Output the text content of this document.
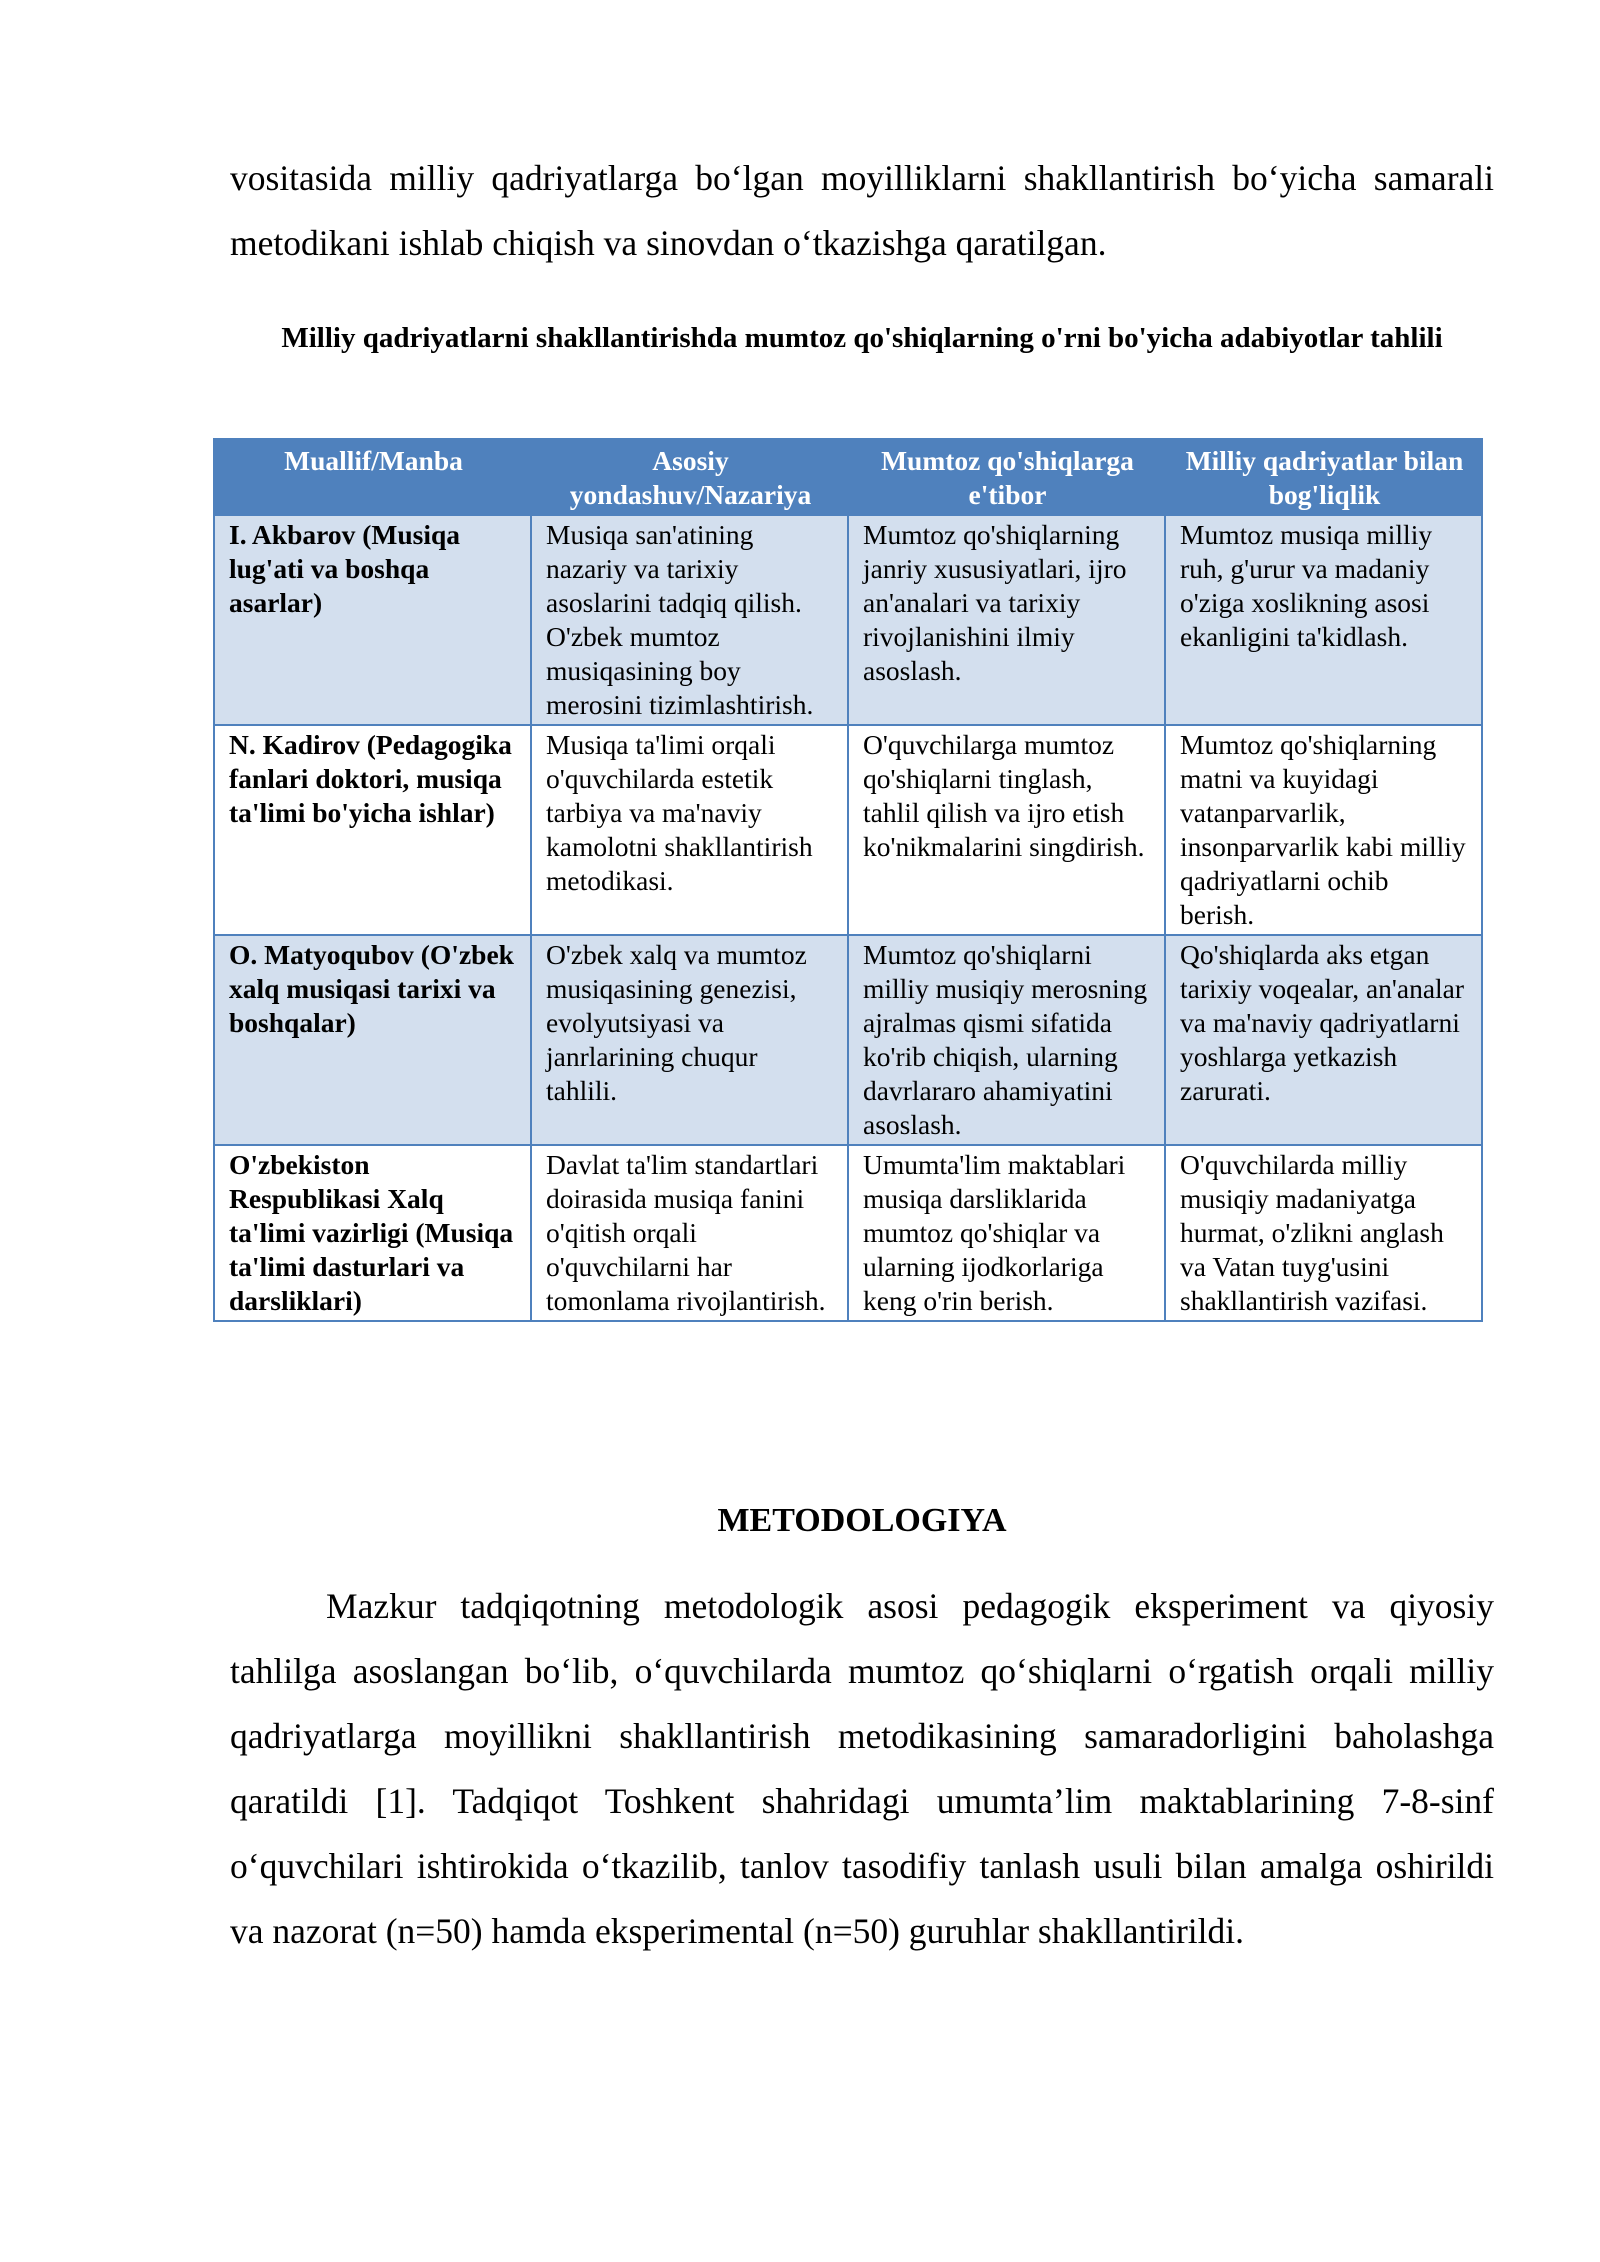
vositasida milliy qadriyatlarga bo‘lgan moyilliklarni shakllantirish bo‘yicha samarali metodikani ishlab chiqish va sinovdan o‘tkazishga qaratilgan.

Milliy qadriyatlarni shakllantirishda mumtoz qo'shiqlarning o'rni bo'yicha adabiyotlar tahlili

Muallif/Manba	Asosiy yondashuv/Nazariya	Mumtoz qo'shiqlarga e'tibor	Milliy qadriyatlar bilan bog'liqlik
I. Akbarov (Musiqa lug'ati va boshqa asarlar)	Musiqa san'atining nazariy va tarixiy asoslarini tadqiq qilish. O'zbek mumtoz musiqasining boy merosini tizimlashtirish.	Mumtoz qo'shiqlarning janriy xususiyatlari, ijro an'analari va tarixiy rivojlanishini ilmiy asoslash.	Mumtoz musiqa milliy ruh, g'urur va madaniy o'ziga xoslikning asosi ekanligini ta'kidlash.
N. Kadirov (Pedagogika fanlari doktori, musiqa ta'limi bo'yicha ishlar)	Musiqa ta'limi orqali o'quvchilarda estetik tarbiya va ma'naviy kamolotni shakllantirish metodikasi.	O'quvchilarga mumtoz qo'shiqlarni tinglash, tahlil qilish va ijro etish ko'nikmalarini singdirish.	Mumtoz qo'shiqlarning matni va kuyidagi vatanparvarlik, insonparvarlik kabi milliy qadriyatlarni ochib berish.
O. Matyoqubov (O'zbek xalq musiqasi tarixi va boshqalar)	O'zbek xalq va mumtoz musiqasining genezisi, evolyutsiyasi va janrlarining chuqur tahlili.	Mumtoz qo'shiqlarni milliy musiqiy merosning ajralmas qismi sifatida ko'rib chiqish, ularning davrlararo ahamiyatini asoslash.	Qo'shiqlarda aks etgan tarixiy voqealar, an'analar va ma'naviy qadriyatlarni yoshlarga yetkazish zarurati.
O'zbekiston Respublikasi Xalq ta'limi vazirligi (Musiqa ta'limi dasturlari va darsliklari)	Davlat ta'lim standartlari doirasida musiqa fanini o'qitish orqali o'quvchilarni har tomonlama rivojlantirish.	Umumta'lim maktablari musiqa darsliklarida mumtoz qo'shiqlar va ularning ijodkorlariga keng o'rin berish.	O'quvchilarda milliy musiqiy madaniyatga hurmat, o'zlikni anglash va Vatan tuyg'usini shakllantirish vazifasi.
METODOLOGIYA

Mazkur tadqiqotning metodologik asosi pedagogik eksperiment va qiyosiy tahlilga asoslangan bo‘lib, o‘quvchilarda mumtoz qo‘shiqlarni o‘rgatish orqali milliy qadriyatlarga moyillikni shakllantirish metodikasining samaradorligini baholashga qaratildi [1]. Tadqiqot Toshkent shahridagi umumta’lim maktablarining 7-8-sinf o‘quvchilari ishtirokida o‘tkazilib, tanlov tasodifiy tanlash usuli bilan amalga oshirildi va nazorat (n=50) hamda eksperimental (n=50) guruhlar shakllantirildi.
